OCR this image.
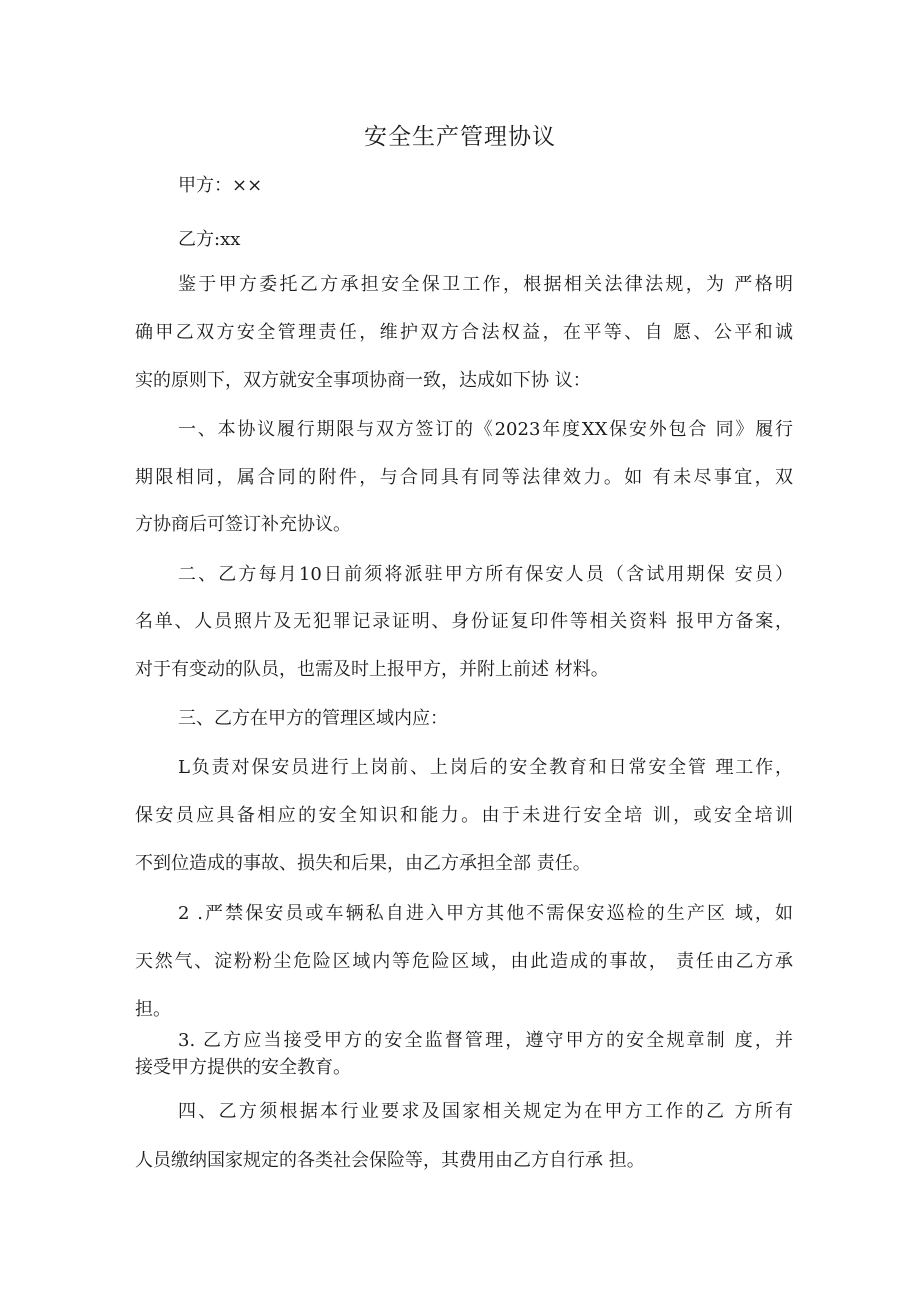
安全生产管理协议
甲方：××
乙方:xx
鉴于甲方委托乙方承担安全保卫工作，根据相关法律法规，为 严格明
确甲乙双方安全管理责任，维护双方合法权益，在平等、自 愿、公平和诚
实的原则下，双方就安全事项协商一致，达成如下协 议：
一、本协议履行期限与双方签订的《2023年度XX保安外包合 同》履行
期限相同，属合同的附件，与合同具有同等法律效力。如 有未尽事宜，双
方协商后可签订补充协议。
二、乙方每月10日前须将派驻甲方所有保安人员（含试用期保 安员）
名单、人员照片及无犯罪记录证明、身份证复印件等相关资料 报甲方备案，
对于有变动的队员，也需及时上报甲方，并附上前述 材料。
三、乙方在甲方的管理区域内应：
L负责对保安员进行上岗前、上岗后的安全教育和日常安全管 理工作，
保安员应具备相应的安全知识和能力。由于未进行安全培 训，或安全培训
不到位造成的事故、损失和后果，由乙方承担全部 责任。
2 .严禁保安员或车辆私自进入甲方其他不需保安巡检的生产区 域，如
天然气、淀粉粉尘危险区域内等危险区域，由此造成的事故， 责任由乙方承
担。
3. 乙方应当接受甲方的安全监督管理，遵守甲方的安全规章制 度，并
接受甲方提供的安全教育。
四、乙方须根据本行业要求及国家相关规定为在甲方工作的乙 方所有
人员缴纳国家规定的各类社会保险等，其费用由乙方自行承 担。
